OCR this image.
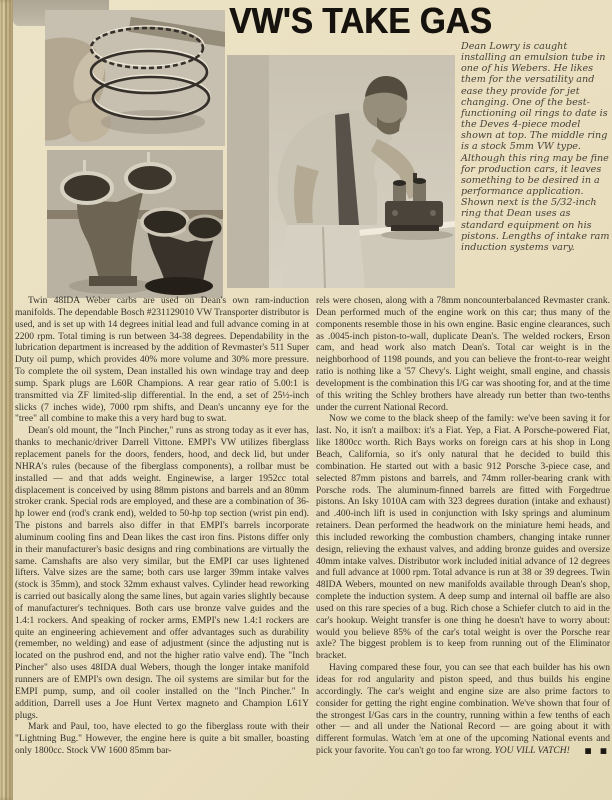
VW'S TAKE GAS
Dean Lowry is caught installing an emulsion tube in one of his Webers. He likes them for the versatility and ease they provide for jet changing. One of the best-functioning oil rings to date is the Deves 4-piece model shown at top. The middle ring is a stock 5mm VW type. Although this ring may be fine for production cars, it leaves something to be desired in a performance application. Shown next is the 5/32-inch ring that Dean uses as standard equipment on his pistons. Lengths of intake ram induction systems vary.

Twin 48IDA Weber carbs are used on Dean's own ram-induction manifolds. The dependable Bosch #231129010 VW Transporter distributor is used, and is set up with 14 degrees initial lead and full advance coming in at 2200 rpm. Total timing is run between 34-38 degrees. Dependability in the lubrication department is increased by the addition of Revmaster's 511 Super Duty oil pump, which provides 40% more volume and 30% more pressure. To complete the oil system, Dean installed his own windage tray and deep sump. Spark plugs are L60R Champions. A rear gear ratio of 5.00:1 is transmitted via ZF limited-slip differential. In the end, a set of 25½-inch slicks (7 inches wide), 7000 rpm shifts, and Dean's uncanny eye for the "tree" all combine to make this a very hard bug to swat.

Dean's old mount, the "Inch Pincher," runs as strong today as it ever has, thanks to mechanic/driver Darrell Vittone. EMPI's VW utilizes fiberglass replacement panels for the doors, fenders, hood, and deck lid, but under NHRA's rules (because of the fiberglass components), a rollbar must be installed — and that adds weight. Enginewise, a larger 1952cc total displacement is conceived by using 88mm pistons and barrels and an 80mm stroker crank. Special rods are employed, and these are a combination of 36-hp lower end (rod's crank end), welded to 50-hp top section (wrist pin end). The pistons and barrels also differ in that EMPI's barrels incorporate aluminum cooling fins and Dean likes the cast iron fins. Pistons differ only in their manufacturer's basic designs and ring combinations are virtually the same. Camshafts are also very similar, but the EMPI car uses lightened lifters. Valve sizes are the same; both cars use larger 39mm intake valves (stock is 35mm), and stock 32mm exhaust valves. Cylinder head reworking is carried out basically along the same lines, but again varies slightly because of manufacturer's techniques. Both cars use bronze valve guides and the 1.4:1 rockers. And speaking of rocker arms, EMPI's new 1.4:1 rockers are quite an engineering achievement and offer advantages such as durability (remember, no welding) and ease of adjustment (since the adjusting nut is located on the pushrod end, and not the higher ratio valve end). The "Inch Pincher" also uses 48IDA dual Webers, though the longer intake manifold runners are of EMPI's own design. The oil systems are similar but for the EMPI pump, sump, and oil cooler installed on the "Inch Pincher." In addition, Darrell uses a Joe Hunt Vertex magneto and Champion L61Y plugs.

Mark and Paul, too, have elected to go the fiberglass route with their "Lightning Bug." However, the engine here is quite a bit smaller, boasting only 1800cc. Stock VW 1600 85mm bar-

rels were chosen, along with a 78mm noncounterbalanced Revmaster crank. Dean performed much of the engine work on this car; thus many of the components resemble those in his own engine. Basic engine clearances, such as .0045-inch piston-to-wall, duplicate Dean's. The welded rockers, Erson cam, and head work also match Dean's. Total car weight is in the neighborhood of 1198 pounds, and you can believe the front-to-rear weight ratio is nothing like a '57 Chevy's. Light weight, small engine, and chassis development is the combination this I/G car was shooting for, and at the time of this writing the Schley brothers have already run better than two-tenths under the current National Record.

Now we come to the black sheep of the family: we've been saving it for last. No, it isn't a mailbox: it's a Fiat. Yep, a Fiat. A Porsche-powered Fiat, like 1800cc worth. Rich Bays works on foreign cars at his shop in Long Beach, California, so it's only natural that he decided to build this combination. He started out with a basic 912 Porsche 3-piece case, and selected 87mm pistons and barrels, and 74mm roller-bearing crank with Porsche rods. The aluminum-finned barrels are fitted with Forgedtrue pistons. An Isky 1010A cam with 323 degrees duration (intake and exhaust) and .400-inch lift is used in conjunction with Isky springs and aluminum retainers. Dean performed the headwork on the miniature hemi heads, and this included reworking the combustion chambers, changing intake runner design, relieving the exhaust valves, and adding bronze guides and oversize 40mm intake valves. Distributor work included initial advance of 12 degrees and full advance at 1000 rpm. Total advance is run at 38 or 39 degrees. Twin 48IDA Webers, mounted on new manifolds available through Dean's shop, complete the induction system. A deep sump and internal oil baffle are also used on this rare species of a bug. Rich chose a Schiefer clutch to aid in the car's hookup. Weight transfer is one thing he doesn't have to worry about: would you believe 85% of the car's total weight is over the Porsche rear axle? The biggest problem is to keep from running out of the Eliminator bracket.

Having compared these four, you can see that each builder has his own ideas for rod angularity and piston speed, and thus builds his engine accordingly. The car's weight and engine size are also prime factors to consider for getting the right engine combination. We've shown that four of the strongest I/Gas cars in the country, running within a few tenths of each other — and all under the National Record — are going about it with different formulas. Watch 'em at one of the upcoming National events and pick your favorite. You can't go too far wrong. YOU VILL VATCH!	■ ■
